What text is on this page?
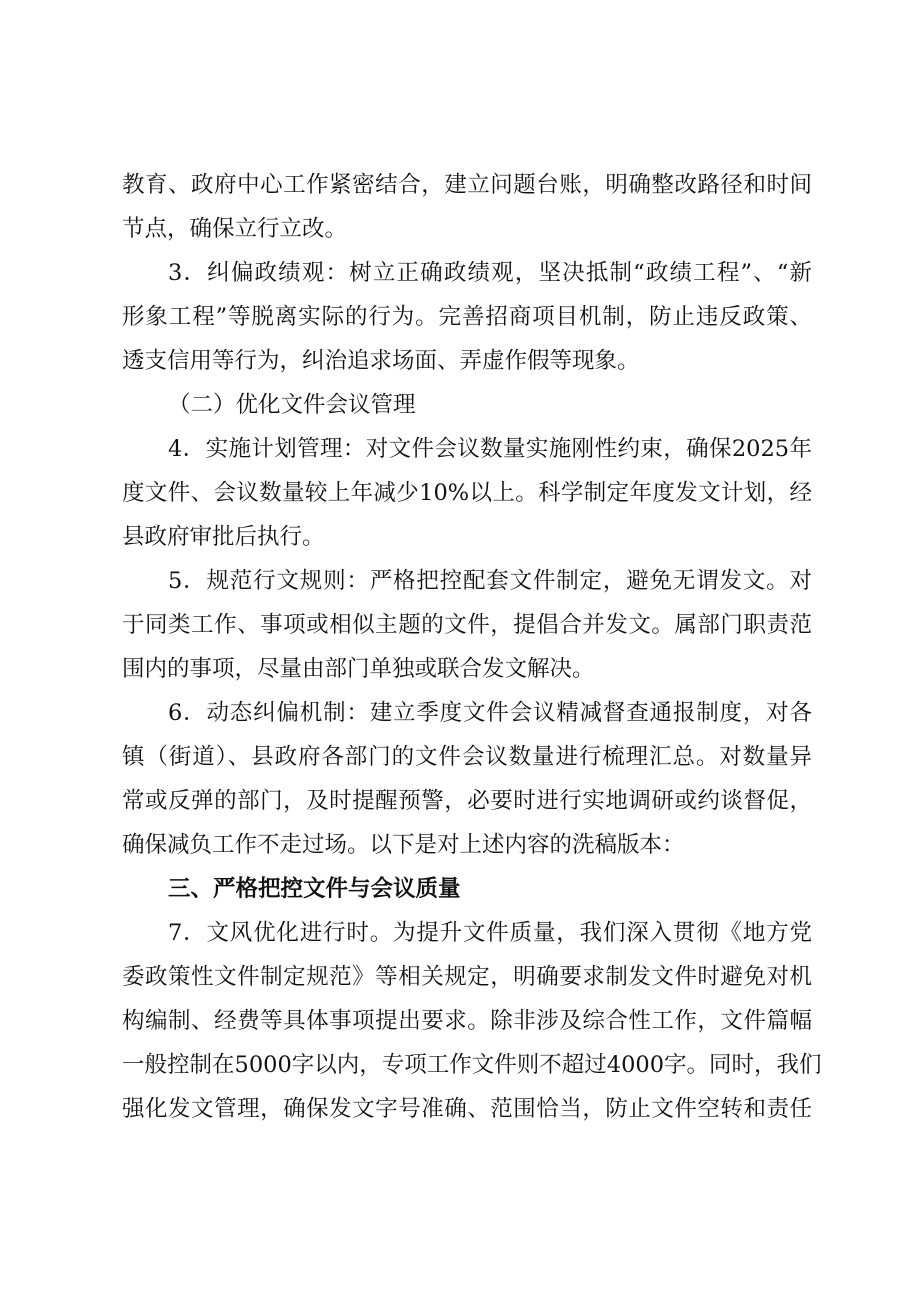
教育、政府中心工作紧密结合，建立问题台账，明确整改路径和时间
节点，确保立行立改。
3．纠偏政绩观：树立正确政绩观，坚决抵制“政绩工程”、“新
形象工程”等脱离实际的行为。完善招商项目机制，防止违反政策、
透支信用等行为，纠治追求场面、弄虚作假等现象。
（二）优化文件会议管理
4．实施计划管理：对文件会议数量实施刚性约束，确保2025年
度文件、会议数量较上年减少10%以上。科学制定年度发文计划，经
县政府审批后执行。
5．规范行文规则：严格把控配套文件制定，避免无谓发文。对
于同类工作、事项或相似主题的文件，提倡合并发文。属部门职责范
围内的事项，尽量由部门单独或联合发文解决。
6．动态纠偏机制：建立季度文件会议精减督查通报制度，对各
镇（街道）、县政府各部门的文件会议数量进行梳理汇总。对数量异
常或反弹的部门，及时提醒预警，必要时进行实地调研或约谈督促，
确保减负工作不走过场。以下是对上述内容的洗稿版本：
三、严格把控文件与会议质量
7．文风优化进行时。为提升文件质量，我们深入贯彻《地方党
委政策性文件制定规范》等相关规定，明确要求制发文件时避免对机
构编制、经费等具体事项提出要求。除非涉及综合性工作，文件篇幅
一般控制在5000字以内，专项工作文件则不超过4000字。同时，我们
强化发文管理，确保发文字号准确、范围恰当，防止文件空转和责任
